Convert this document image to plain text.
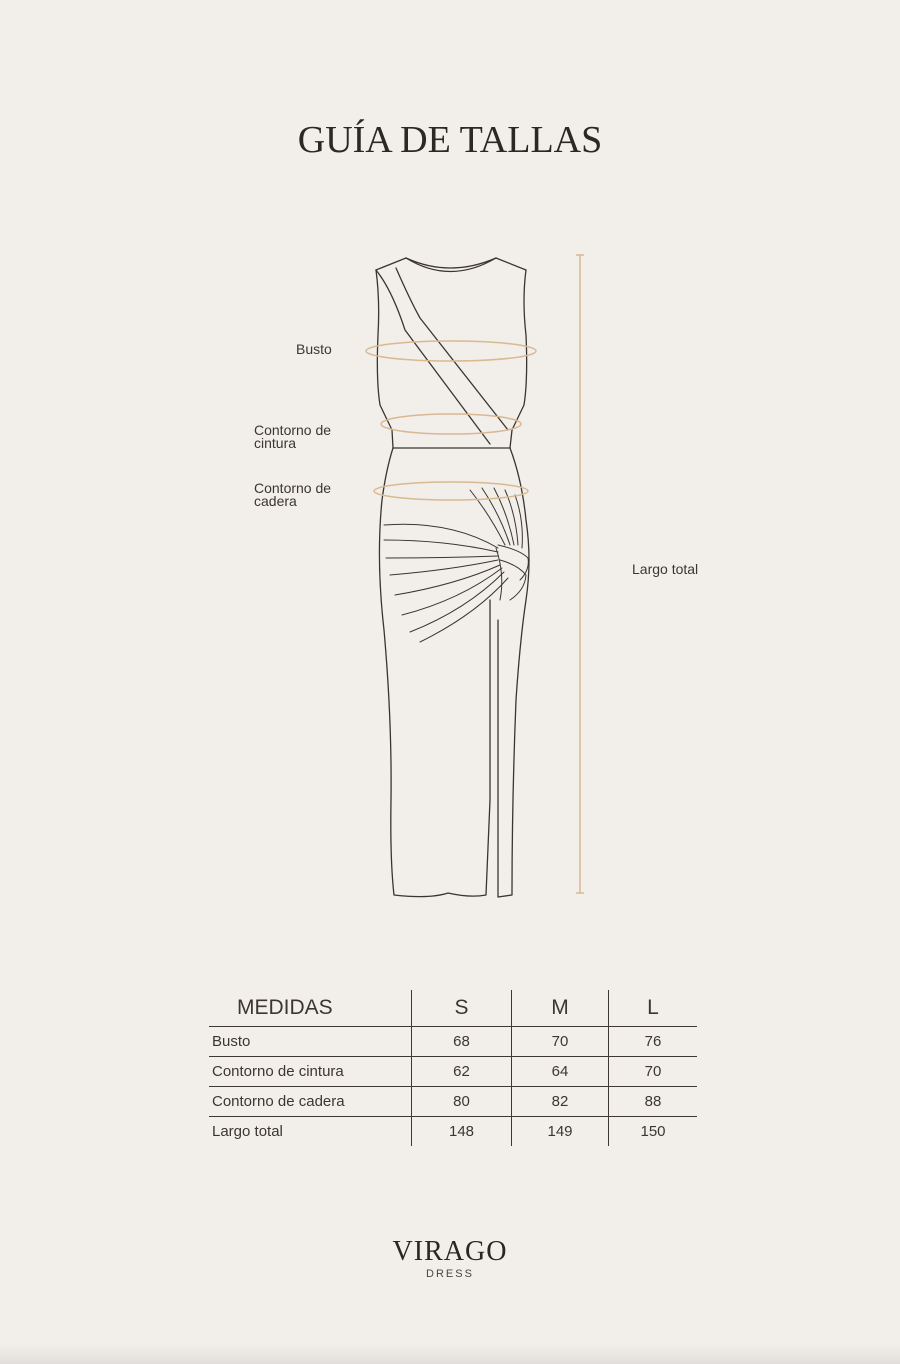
GUÍA DE TALLAS
Busto
Contorno de
cintura
Contorno de
cadera
Largo total
MEDIDAS	S	M	L
Busto	68	70	76
Contorno de cintura	62	64	70
Contorno de cadera	80	82	88
Largo total	148	149	150
VIRAGO
DRESS
